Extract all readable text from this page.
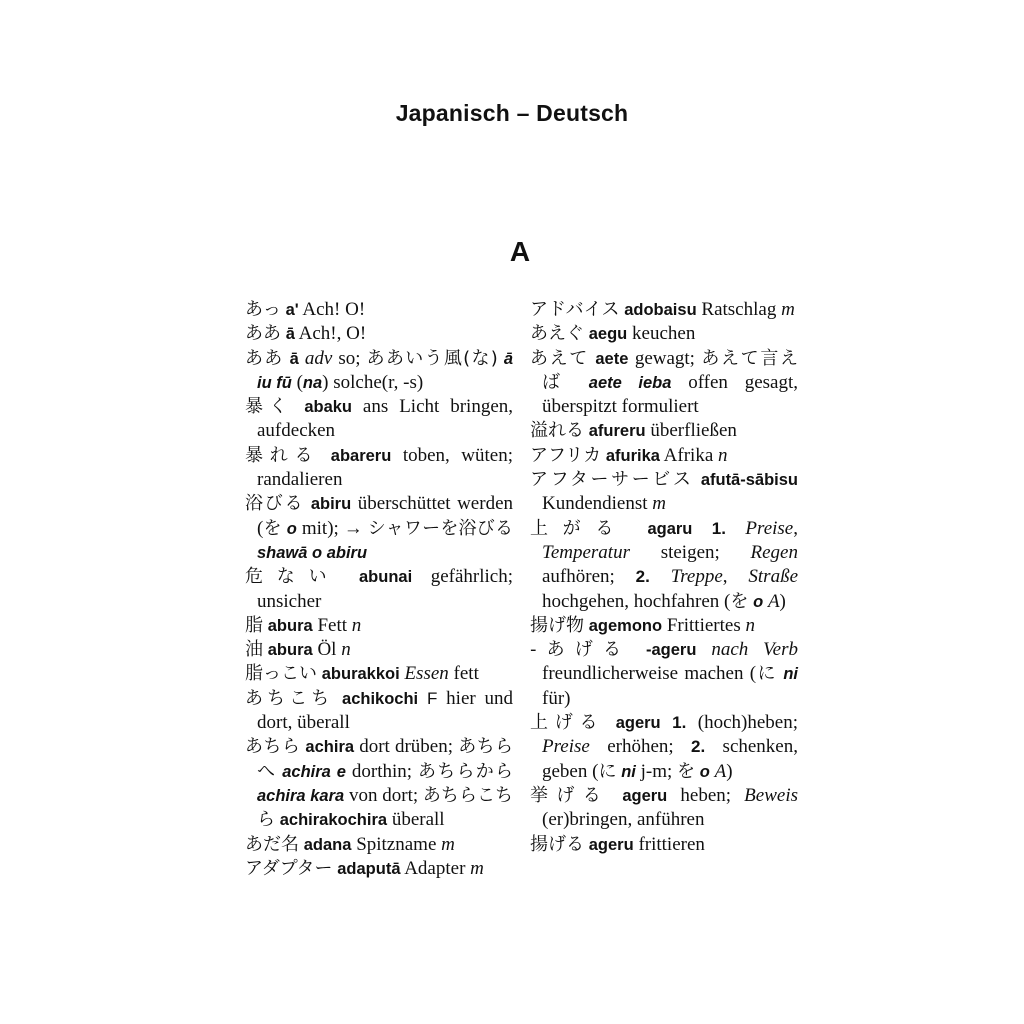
Japanisch – Deutsch
A
あっ a' Ach! O!
ああ ā Ach!, O!
ああ ā adv so; ああいう風(な) ā iu fū (na) solche(r, -s)
暴く abaku ans Licht bringen, aufdecken
暴れる abareru toben, wüten; randalieren
浴びる abiru überschüttet werden (を o mit); → シャワーを浴びる shawā o abiru
危ない abunai gefährlich; unsicher
脂 abura Fett n
油 abura Öl n
脂っこい aburakkoi Essen fett
あちこち achikochi F hier und dort, überall
あちら achira dort drüben; あちらへ achira e dorthin; あちらから achira kara von dort; あちらこちら achirakochira überall
あだ名 adana Spitzname m
アダプター adaputā Adapter m
アドバイス adobaisu Ratschlag m
あえぐ aegu keuchen
あえて aete gewagt; あえて言えば aete ieba offen gesagt, überspitzt formuliert
溢れる afureru überfließen
アフリカ afurika Afrika n
アフターサービス afutā-sābisu Kundendienst m
上がる agaru 1. Preise, Temperatur steigen; Regen aufhören; 2. Treppe, Straße hochgehen, hochfahren (を o A)
揚げ物 agemono Frittiertes n
-あげる -ageru nach Verb freundlicherweise machen (に ni für)
上げる ageru 1. (hoch)heben; Preise erhöhen; 2. schenken, geben (に ni j-m; を o A)
挙げる ageru heben; Beweis (er)bringen, anführen
揚げる ageru frittieren
